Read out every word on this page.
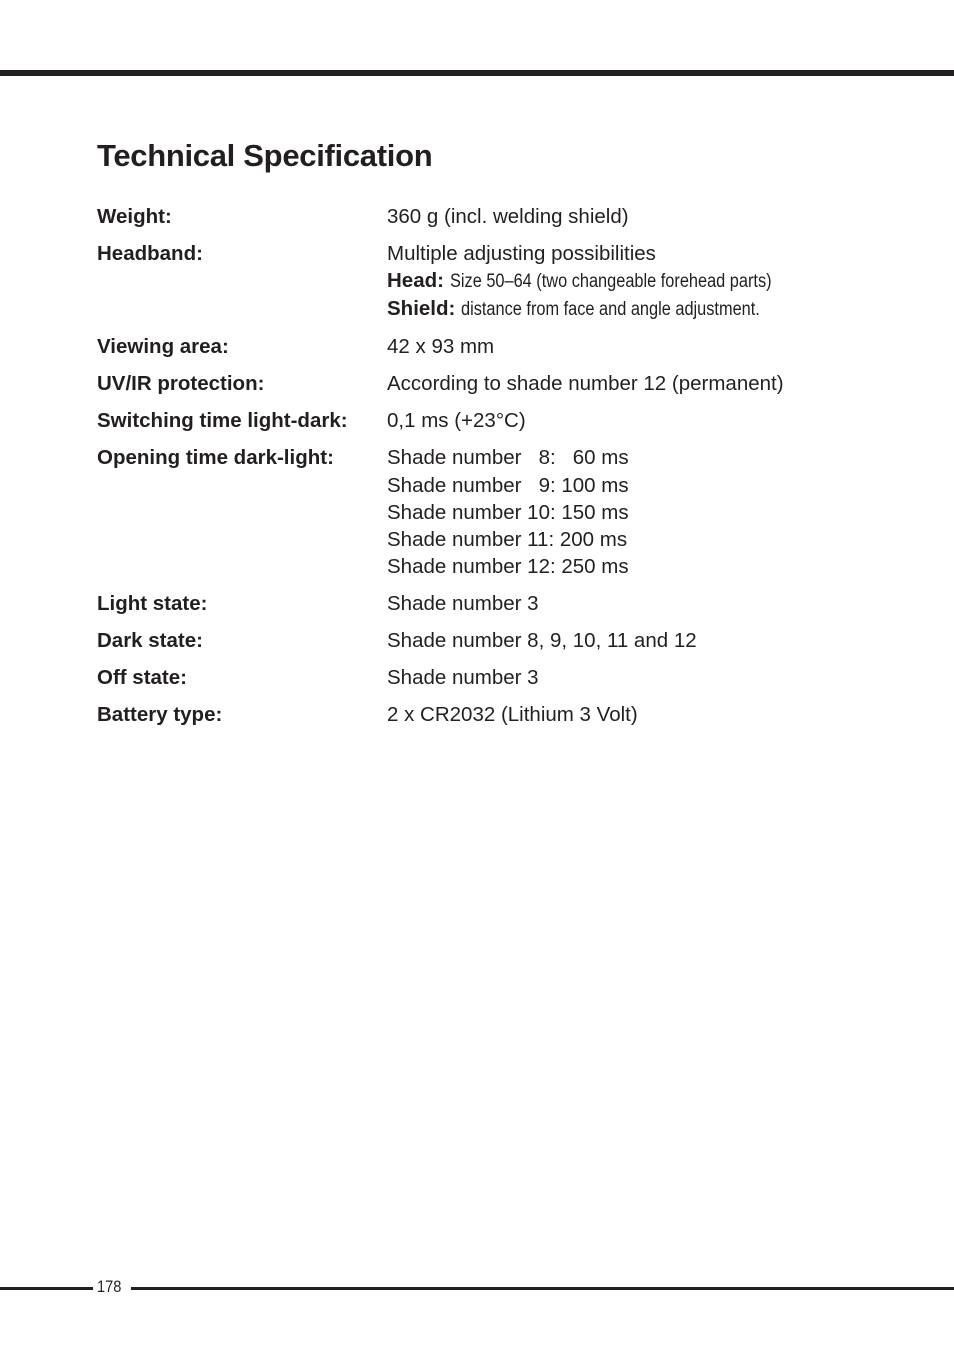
Technical Specification
Weight:	360 g (incl. welding shield)
Headband:	Multiple adjusting possibilities
Head: Size 50–64 (two changeable forehead parts)
Shield: distance from face and angle adjustment.
Viewing area:	42 x 93 mm
UV/IR protection:	According to shade number 12 (permanent)
Switching time light-dark:	0,1 ms (+23°C)
Opening time dark-light:	Shade number   8:   60 ms
Shade number   9: 100 ms
Shade number 10: 150 ms
Shade number 11: 200 ms
Shade number 12: 250 ms
Light state:	Shade number 3
Dark state:	Shade number 8, 9, 10, 11 and 12
Off state:	Shade number 3
Battery type:	2 x CR2032 (Lithium 3 Volt)
178
